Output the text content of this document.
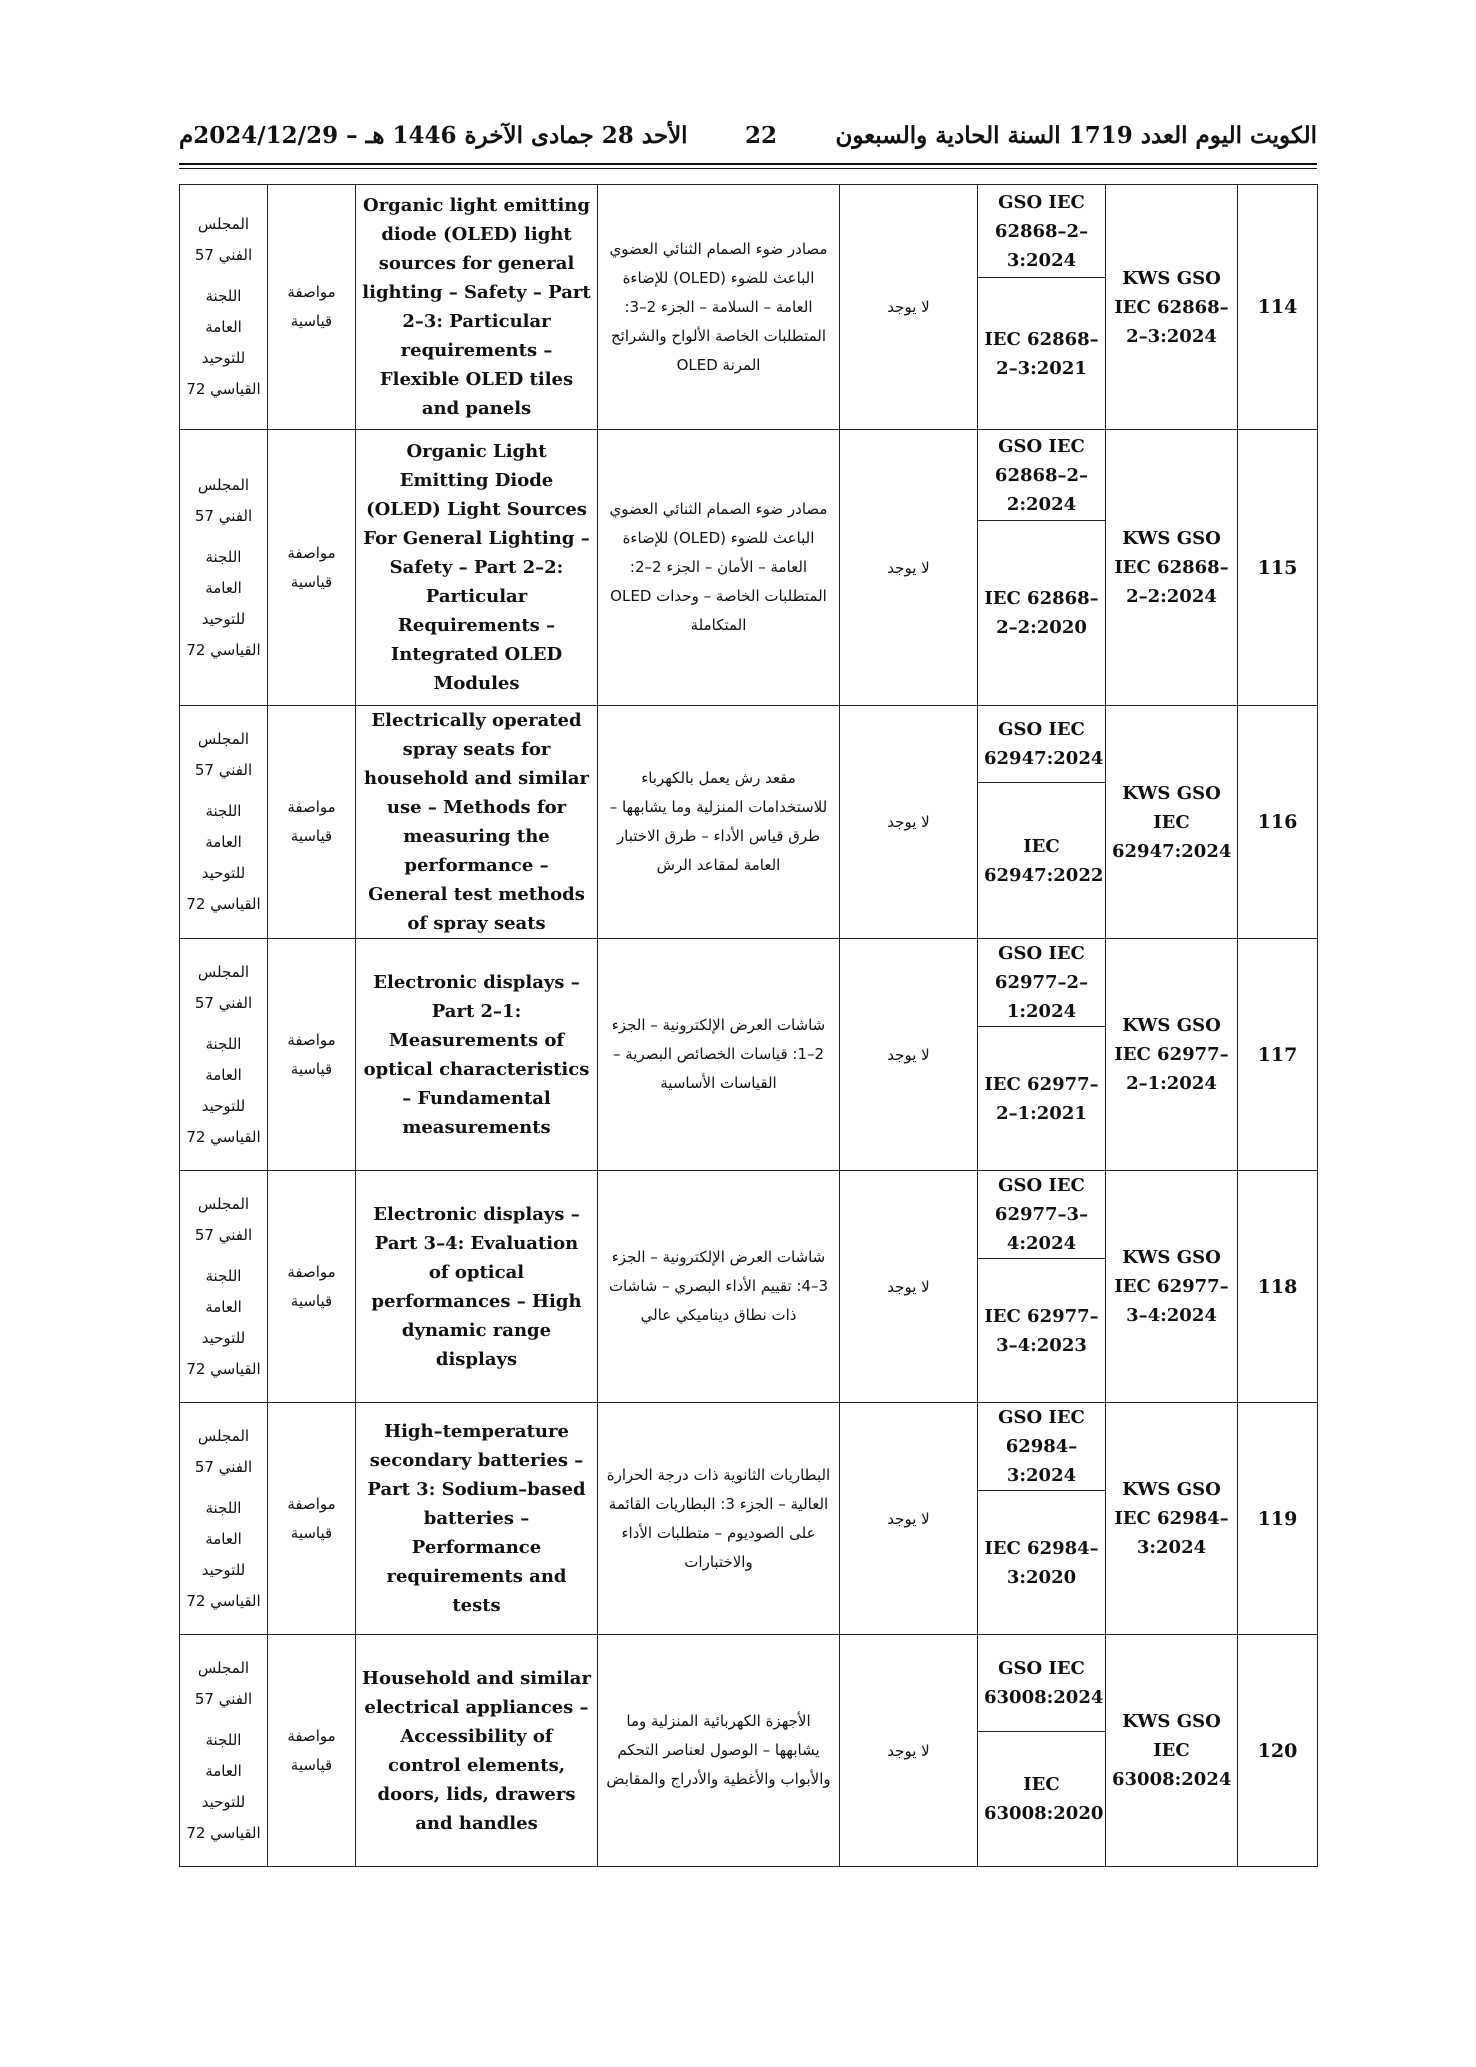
الأحد 28 جمادى الآخرة 1446 هـ – 2024/12/29م	22	الكويت اليوم العدد 1719 السنة الحادية والسبعون
المجلس الفني 57
اللجنة العامة للتوحيد القياسي 72	مواصفة قياسية	Organic light emitting diode (OLED) light sources for general lighting – Safety – Part 2–3: Particular requirements – Flexible OLED tiles and panels	مصادر ضوء الصمام الثنائي العضوي الباعث للضوء (OLED) للإضاءة العامة – السلامة – الجزء 2–3: المتطلبات الخاصة الألواح والشرائح المرنة OLED	لا يوجد	GSO IEC 62868–2–3:2024	KWS GSO IEC 62868–2–3:2024	114
					IEC 62868–2–3:2021		

المجلس الفني 57
اللجنة العامة للتوحيد القياسي 72	مواصفة قياسية	Organic Light Emitting Diode (OLED) Light Sources For General Lighting – Safety – Part 2–2: Particular Requirements – Integrated OLED Modules	مصادر ضوء الصمام الثنائي العضوي الباعث للضوء (OLED) للإضاءة العامة – الأمان – الجزء 2–2: المتطلبات الخاصة – وحدات OLED المتكاملة	لا يوجد	GSO IEC 62868–2–2:2024	KWS GSO IEC 62868–2–2:2024	115
					IEC 62868–2–2:2020		

المجلس الفني 57
اللجنة العامة للتوحيد القياسي 72	مواصفة قياسية	Electrically operated spray seats for household and similar use – Methods for measuring the performance – General test methods of spray seats	مقعد رش يعمل بالكهرباء للاستخدامات المنزلية وما يشابهها – طرق قياس الأداء – طرق الاختبار العامة لمقاعد الرش	لا يوجد	GSO IEC 62947:2024	KWS GSO IEC 62947:2024	116
					IEC 62947:2022		

المجلس الفني 57
اللجنة العامة للتوحيد القياسي 72	مواصفة قياسية	Electronic displays – Part 2–1: Measurements of optical characteristics – Fundamental measurements	شاشات العرض الإلكترونية – الجزء 2–1: قياسات الخصائص البصرية – القياسات الأساسية	لا يوجد	GSO IEC 62977–2–1:2024	KWS GSO IEC 62977–2–1:2024	117
					IEC 62977–2–1:2021		

المجلس الفني 57
اللجنة العامة للتوحيد القياسي 72	مواصفة قياسية	Electronic displays – Part 3–4: Evaluation of optical performances – High dynamic range displays	شاشات العرض الإلكترونية – الجزء 3–4: تقييم الأداء البصري – شاشات ذات نطاق ديناميكي عالي	لا يوجد	GSO IEC 62977–3–4:2024	KWS GSO IEC 62977–3–4:2024	118
					IEC 62977–3–4:2023		

المجلس الفني 57
اللجنة العامة للتوحيد القياسي 72	مواصفة قياسية	High–temperature secondary batteries – Part 3: Sodium–based batteries – Performance requirements and tests	البطاريات الثانوية ذات درجة الحرارة العالية – الجزء 3: البطاريات القائمة على الصوديوم – متطلبات الأداء والاختبارات	لا يوجد	GSO IEC 62984–3:2024	KWS GSO IEC 62984–3:2024	119
					IEC 62984–3:2020		

المجلس الفني 57
اللجنة العامة للتوحيد القياسي 72	مواصفة قياسية	Household and similar electrical appliances – Accessibility of control elements, doors, lids, drawers and handles	الأجهزة الكهربائية المنزلية وما يشابهها – الوصول لعناصر التحكم والأبواب والأغطية والأدراج والمقابض	لا يوجد	GSO IEC 63008:2024	KWS GSO IEC 63008:2024	120
					IEC 63008:2020		
